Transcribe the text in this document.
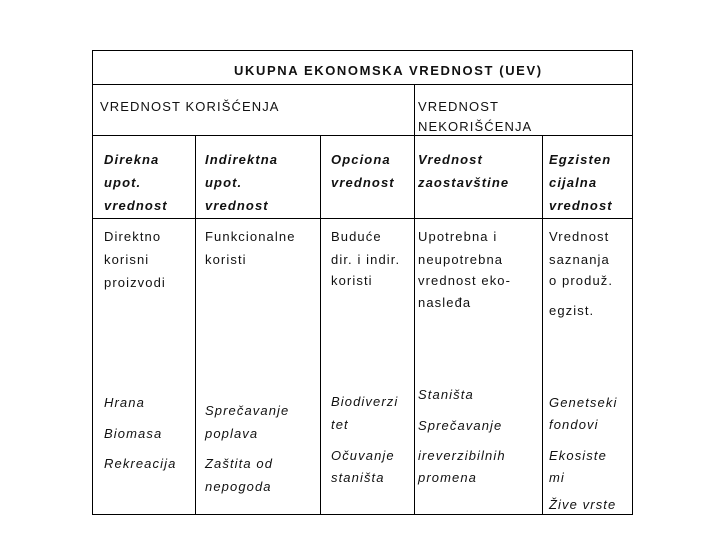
UKUPNA EKONOMSKA VREDNOST (UEV)
VREDNOST KORIŠĆENJA	VREDNOST
NEKORIŠĆENJA
Direkna
upot.
vrednost
Direktno
korisni
proizvodi
Hrana
Biomasa
Rekreacija
Indirektna
upot.
vrednost
Funkcionalne
koristi
Sprečavanje
poplava
Zaštita od
nepogoda
Opciona
vrednost
Buduće
dir. i indir.
koristi
Biodiverzi
tet
Očuvanje
staništa
Vrednost
zaostavštine
Upotrebna i
neupotrebna
vrednost eko-
nasleđa
Staništa
Sprečavanje
ireverzibilnih
promena
Egzisten
cijalna
vrednost
Vrednost
saznanja
o produž.
egzist.
Genetseki
fondovi
Ekosiste
mi
Žive vrste
